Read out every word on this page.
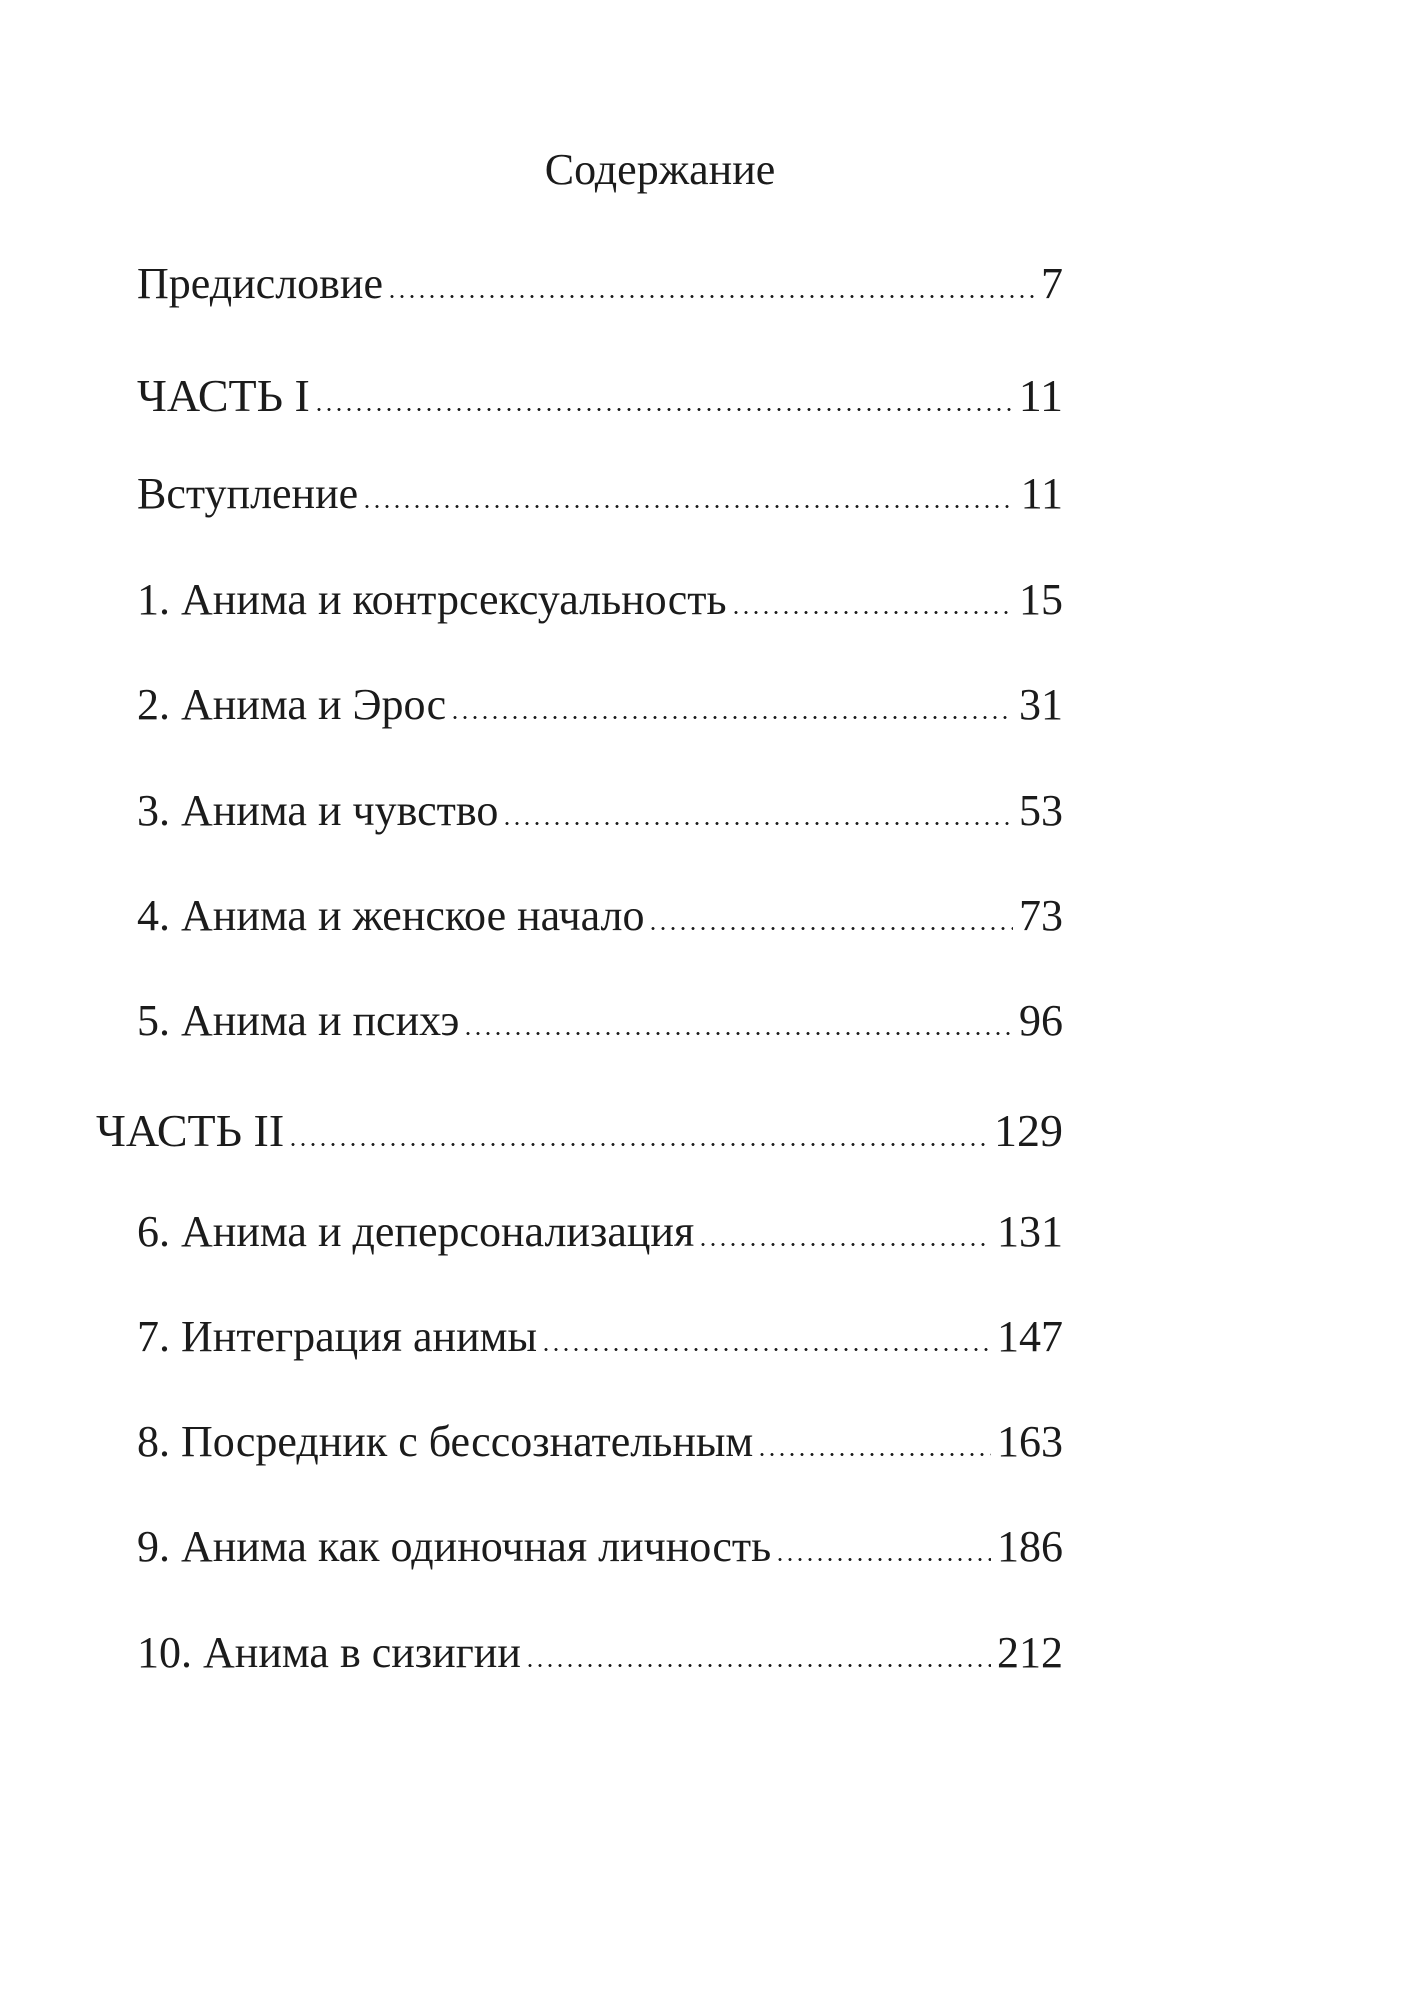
Содержание
Предисловие	7
ЧАСТЬ I	11
Вступление	11
1. Анима и контрсексуальность	15
2. Анима и Эрос	31
3. Анима и чувство	53
4. Анима и женское начало	73
5. Анима и психэ	96
ЧАСТЬ II	129
6. Анима и деперсонализация	131
7. Интеграция анимы	147
8. Посредник с бессознательным	163
9. Анима как одиночная личность	186
10. Анима в сизигии	212
